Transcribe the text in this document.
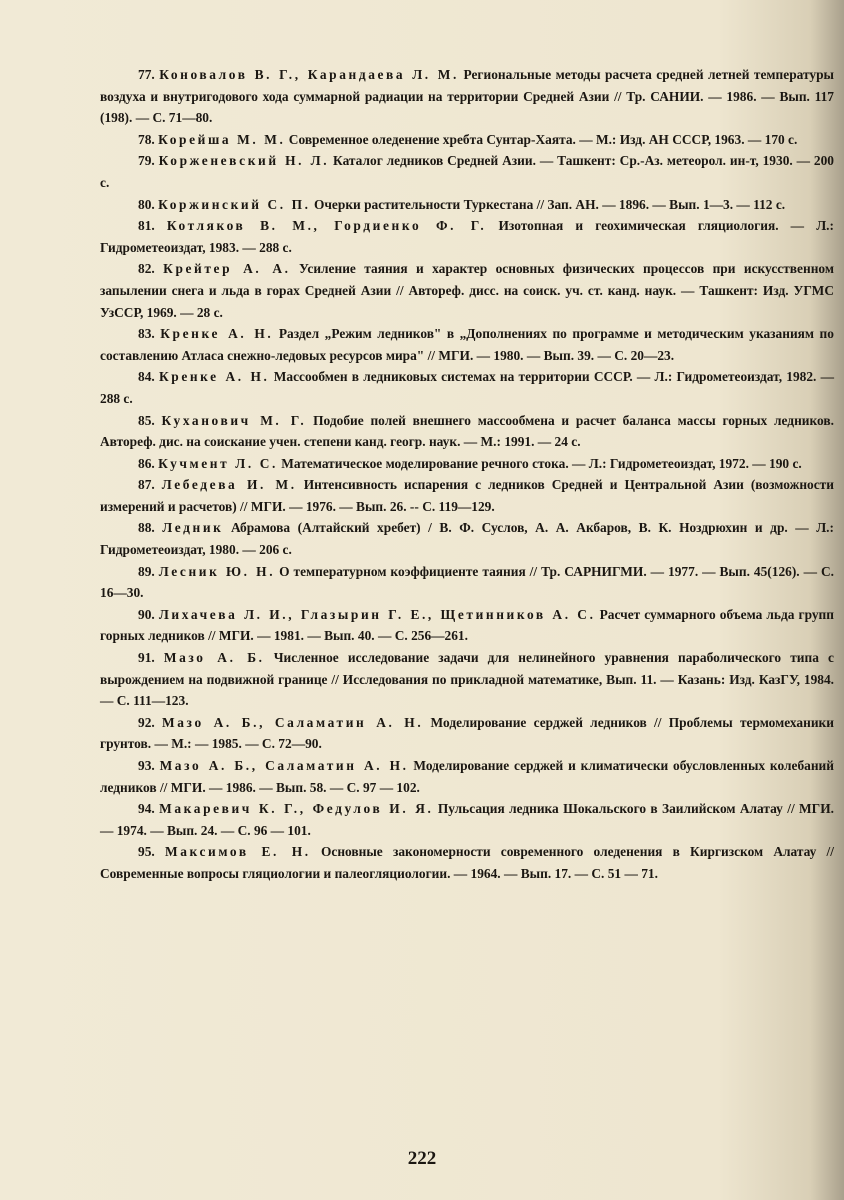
77. Коновалов В. Г., Карандаева Л. М. Региональные методы расчета средней летней температуры воздуха и внутригодового хода суммарной радиации на территории Средней Азии // Тр. САНИИ. — 1986. — Вып. 117 (198). — С. 71—80.

78. Корейша М. М. Современное оледенение хребта Сунтар-Хаята. — М.: Изд. АН СССР, 1963. — 170 с.

79. Корженевский Н. Л. Каталог ледников Средней Азии. — Ташкент: Ср.-Аз. метеорол. ин-т, 1930. — 200 с.

80. Коржинский С. П. Очерки растительности Туркестана // Зап. АН. — 1896. — Вып. 1—3. — 112 с.

81. Котляков В. М., Гордиенко Ф. Г. Изотопная и геохимическая гляциология. — Л.: Гидрометеоиздат, 1983. — 288 с.

82. Крейтер А. А. Усиление таяния и характер основных физических процессов при искусственном запылении снега и льда в горах Средней Азии // Автореф. дисс. на соиск. уч. ст. канд. наук. — Ташкент: Изд. УГМС УзССР, 1969. — 28 с.

83. Кренке А. Н. Раздел „Режим ледников" в „Дополнениях по программе и методическим указаниям по составлению Атласа снежно-ледовых ресурсов мира" // МГИ. — 1980. — Вып. 39. — С. 20—23.

84. Кренке А. Н. Массообмен в ледниковых системах на территории СССР. — Л.: Гидрометеоиздат, 1982. — 288 с.

85. Куханович М. Г. Подобие полей внешнего массообмена и расчет баланса массы горных ледников. Автореф. дис. на соискание учен. степени канд. геогр. наук. — М.: 1991. — 24 с.

86. Кучмент Л. С. Математическое моделирование речного стока. — Л.: Гидрометеоиздат, 1972. — 190 с.

87. Лебедева И. М. Интенсивность испарения с ледников Средней и Центральной Азии (возможности измерений и расчетов) // МГИ. — 1976. — Вып. 26. -- С. 119—129.

88. Ледник Абрамова (Алтайский хребет) / В. Ф. Суслов, А. А. Акбаров, В. К. Ноздрюхин и др. — Л.: Гидрометеоиздат, 1980. — 206 с.

89. Лесник Ю. Н. О температурном коэффициенте таяния // Тр. САРНИГМИ. — 1977. — Вып. 45(126). — С. 16—30.

90. Лихачева Л. И., Глазырин Г. Е., Щетинников А. С. Расчет суммарного объема льда групп горных ледников // МГИ. — 1981. — Вып. 40. — С. 256—261.

91. Мазо А. Б. Численное исследование задачи для нелинейного уравнения параболического типа с вырождением на подвижной границе // Исследования по прикладной математике, Вып. 11. — Казань: Изд. КазГУ, 1984. — С. 111—123.

92. Мазо А. Б., Саламатин А. Н. Моделирование серджей ледников // Проблемы термомеханики грунтов. — М.: — 1985. — С. 72—90.

93. Мазо А. Б., Саламатин А. Н. Моделирование серджей и климатически обусловленных колебаний ледников // МГИ. — 1986. — Вып. 58. — С. 97 — 102.

94. Макаревич К. Г., Федулов И. Я. Пульсация ледника Шокальского в Заилийском Алатау // МГИ. — 1974. — Вып. 24. — С. 96 — 101.

95. Максимов Е. Н. Основные закономерности современного оледенения в Киргизском Алатау // Современные вопросы гляциологии и палеогляциологии. — 1964. — Вып. 17. — С. 51 — 71.

222
